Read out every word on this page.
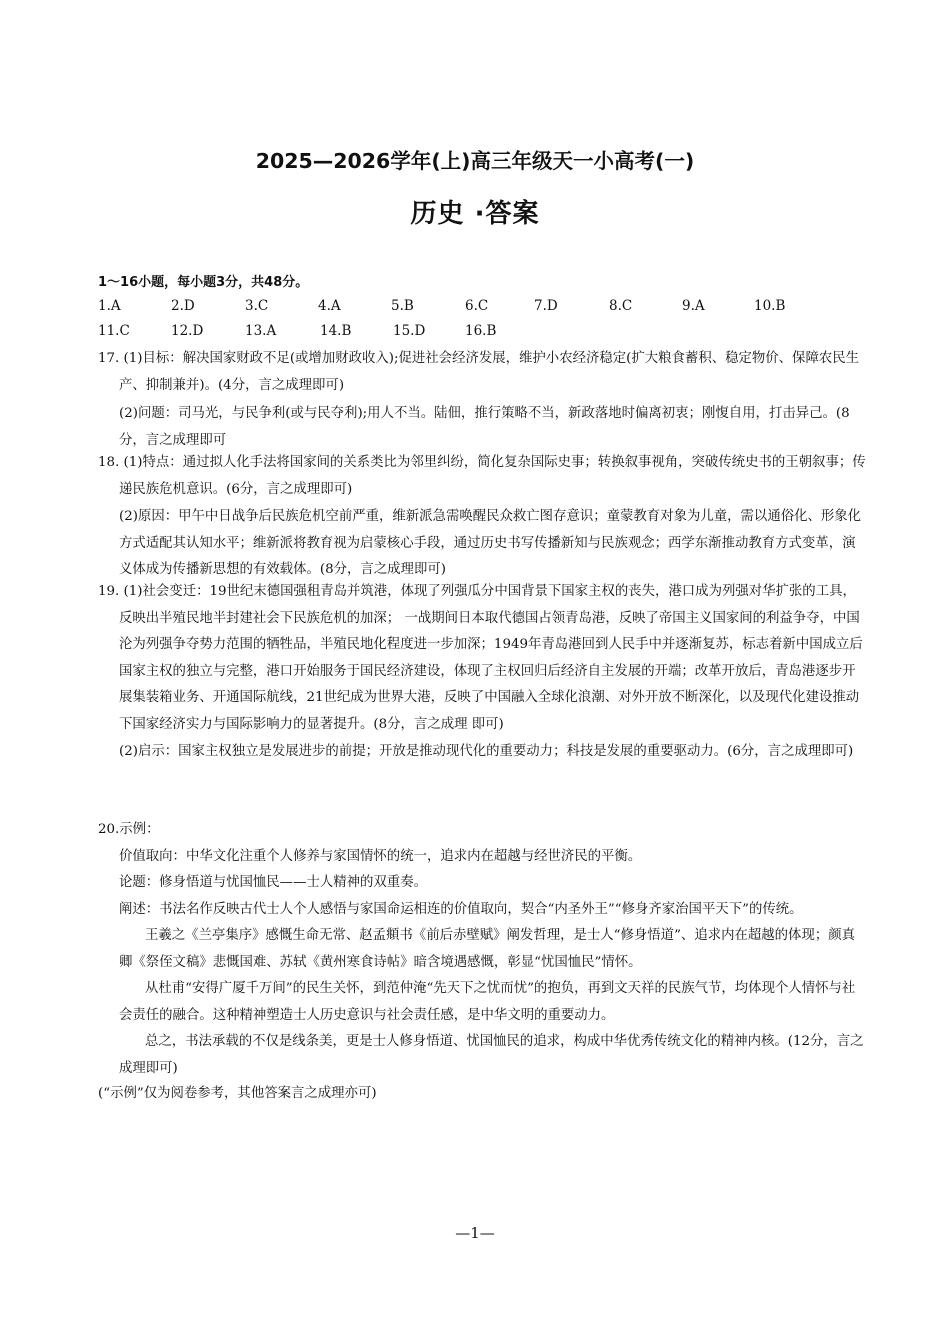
2025—2026学年(上)高三年级天一小高考(一)
历史 ·答案
1～16小题，每小题3分，共48分。
1.A	2.D	3.C	4.A	5.B	6.C	7.D	8.C	9.A	10.B
11.C	12.D	13.A	14.B	15.D	16.B

17. (1)目标：解决国家财政不足(或增加财政收入);促进社会经济发展，维护小农经济稳定(扩大粮食蓄积、稳定物价、保障农民生产、抑制兼并)。(4分，言之成理即可)

(2)问题：司马光，与民争利(或与民夺利);用人不当。陆佃，推行策略不当，新政落地时偏离初衷；刚愎自用，打击异己。(8分，言之成理即可

18. (1)特点：通过拟人化手法将国家间的关系类比为邻里纠纷，简化复杂国际史事；转换叙事视角，突破传统史书的王朝叙事；传递民族危机意识。(6分，言之成理即可)

(2)原因：甲午中日战争后民族危机空前严重，维新派急需唤醒民众救亡图存意识；童蒙教育对象为儿童，需以通俗化、形象化方式适配其认知水平；维新派将教育视为启蒙核心手段，通过历史书写传播新知与民族观念；西学东渐推动教育方式变革，演义体成为传播新思想的有效载体。(8分，言之成理即可)

19. (1)社会变迁：19世纪末德国强租青岛并筑港，体现了列强瓜分中国背景下国家主权的丧失，港口成为列强对华扩张的工具，反映出半殖民地半封建社会下民族危机的加深； 一战期间日本取代德国占领青岛港，反映了帝国主义国家间的利益争夺，中国沦为列强争夺势力范围的牺牲品，半殖民地化程度进一步加深；1949年青岛港回到人民手中并逐渐复苏，标志着新中国成立后国家主权的独立与完整，港口开始服务于国民经济建设，体现了主权回归后经济自主发展的开端；改革开放后，青岛港逐步开展集装箱业务、开通国际航线，21世纪成为世界大港，反映了中国融入全球化浪潮、对外开放不断深化，以及现代化建设推动下国家经济实力与国际影响力的显著提升。(8分，言之成理 即可)

(2)启示：国家主权独立是发展进步的前提；开放是推动现代化的重要动力；科技是发展的重要驱动力。(6分，言之成理即可)

20.示例：

价值取向：中华文化注重个人修养与家国情怀的统一，追求内在超越与经世济民的平衡。

论题：修身悟道与忧国恤民——士人精神的双重奏。

阐述：书法名作反映古代士人个人感悟与家国命运相连的价值取向，契合“内圣外王”“修身齐家治国平天下”的传统。

王羲之《兰亭集序》感慨生命无常、赵孟頫书《前后赤壁赋》阐发哲理，是士人“修身悟道”、追求内在超越的体现；颜真卿《祭侄文稿》悲慨国难、苏轼《黄州寒食诗帖》暗含境遇感慨，彰显“忧国恤民”情怀。

从杜甫“安得广厦千万间”的民生关怀，到范仲淹“先天下之忧而忧”的抱负，再到文天祥的民族气节，均体现个人情怀与社会责任的融合。这种精神塑造士人历史意识与社会责任感，是中华文明的重要动力。

总之，书法承载的不仅是线条美，更是士人修身悟道、忧国恤民的追求，构成中华优秀传统文化的精神内核。(12分，言之成理即可)

(“示例”仅为阅卷参考，其他答案言之成理亦可)

—1—
